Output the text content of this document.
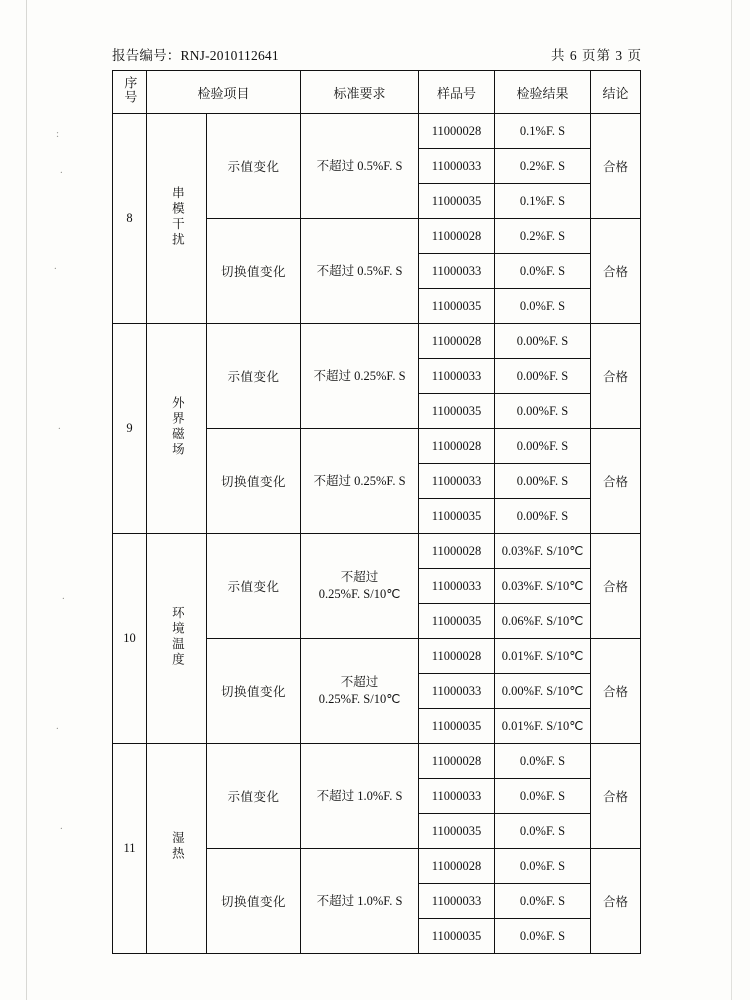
:
.
.
.
.
.
.
报告编号：RNJ-2010112641	共 6 页第 3 页
序号	检验项目		标准要求	样品号	检验结果	结论
8	串模干扰	示值变化	不超过 0.5%F. S	11000028	0.1%F. S	合格
				11000033	0.2%F. S	
				11000035	0.1%F. S	
		切换值变化	不超过 0.5%F. S	11000028	0.2%F. S	合格
				11000033	0.0%F. S	
				11000035	0.0%F. S	
9	外界磁场	示值变化	不超过 0.25%F. S	11000028	0.00%F. S	合格
				11000033	0.00%F. S	
				11000035	0.00%F. S	
		切换值变化	不超过 0.25%F. S	11000028	0.00%F. S	合格
				11000033	0.00%F. S	
				11000035	0.00%F. S	
10	环境温度	示值变化	不超过
0.25%F. S/10℃	11000028	0.03%F. S/10℃	合格
				11000033	0.03%F. S/10℃	
				11000035	0.06%F. S/10℃	
		切换值变化	不超过
0.25%F. S/10℃	11000028	0.01%F. S/10℃	合格
				11000033	0.00%F. S/10℃	
				11000035	0.01%F. S/10℃	
11	湿热	示值变化	不超过 1.0%F. S	11000028	0.0%F. S	合格
				11000033	0.0%F. S	
				11000035	0.0%F. S	
		切换值变化	不超过 1.0%F. S	11000028	0.0%F. S	合格
				11000033	0.0%F. S	
				11000035	0.0%F. S	
